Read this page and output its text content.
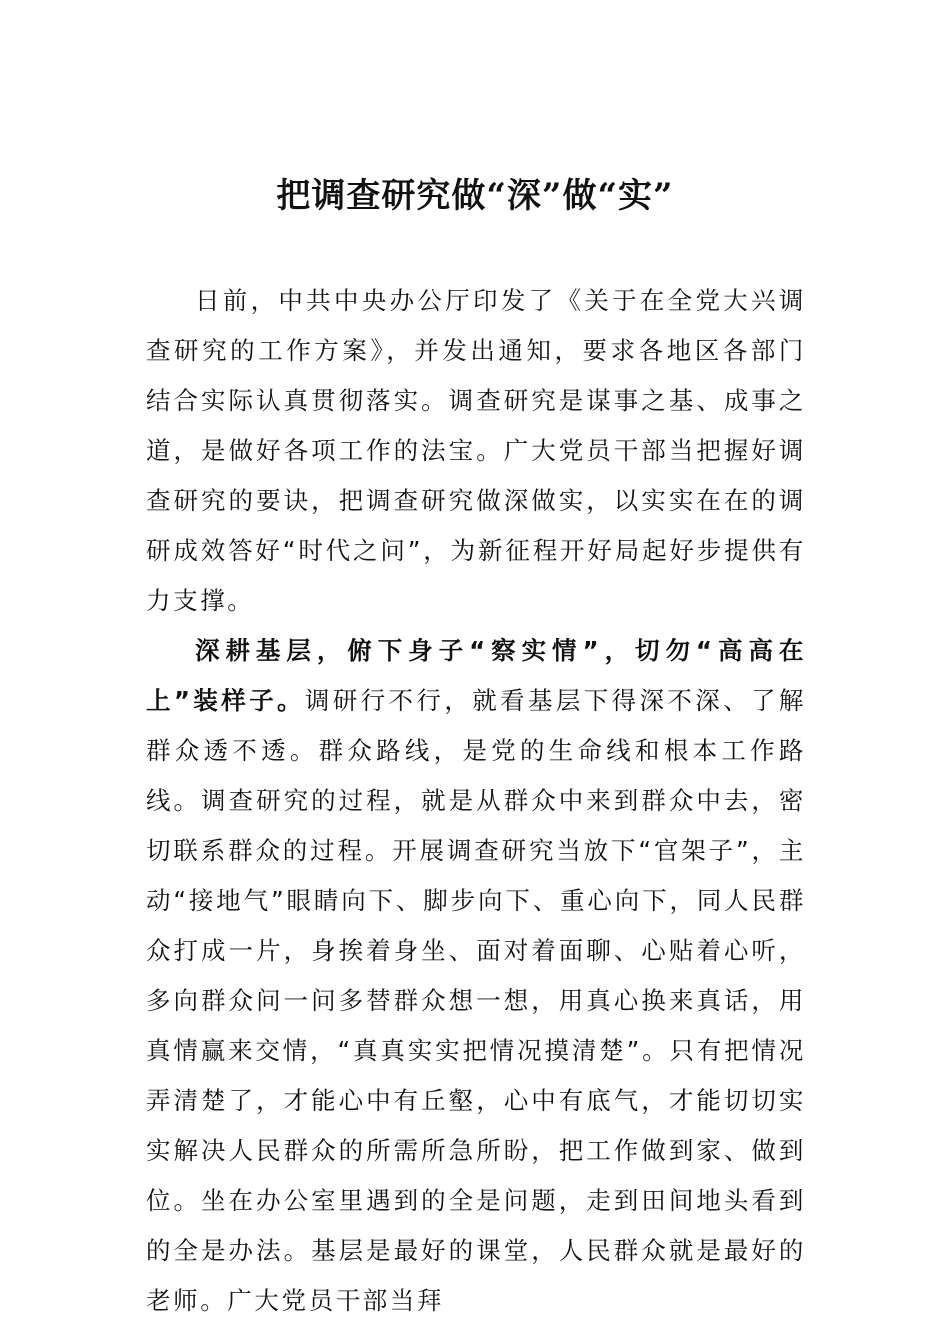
把调查研究做“深”做“实”

日前，中共中央办公厅印发了《关于在全党大兴调查研究的工作方案》，并发出通知，要求各地区各部门结合实际认真贯彻落实。调查研究是谋事之基、成事之道，是做好各项工作的法宝。广大党员干部当把握好调查研究的要诀，把调查研究做深做实，以实实在在的调研成效答好“时代之问”，为新征程开好局起好步提供有力支撑。

深耕基层，俯下身子“察实情”，切勿“高高在上”装样子。调研行不行，就看基层下得深不深、了解群众透不透。群众路线，是党的生命线和根本工作路线。调查研究的过程，就是从群众中来到群众中去，密切联系群众的过程。开展调查研究当放下“官架子”，主动“接地气”眼睛向下、脚步向下、重心向下，同人民群众打成一片，身挨着身坐、面对着面聊、心贴着心听，多向群众问一问多替群众想一想，用真心换来真话，用真情赢来交情，“真真实实把情况摸清楚”。只有把情况弄清楚了，才能心中有丘壑，心中有底气，才能切切实实解决人民群众的所需所急所盼，把工作做到家、做到位。坐在办公室里遇到的全是问题，走到田间地头看到的全是办法。基层是最好的课堂，人民群众就是最好的老师。广大党员干部当拜
